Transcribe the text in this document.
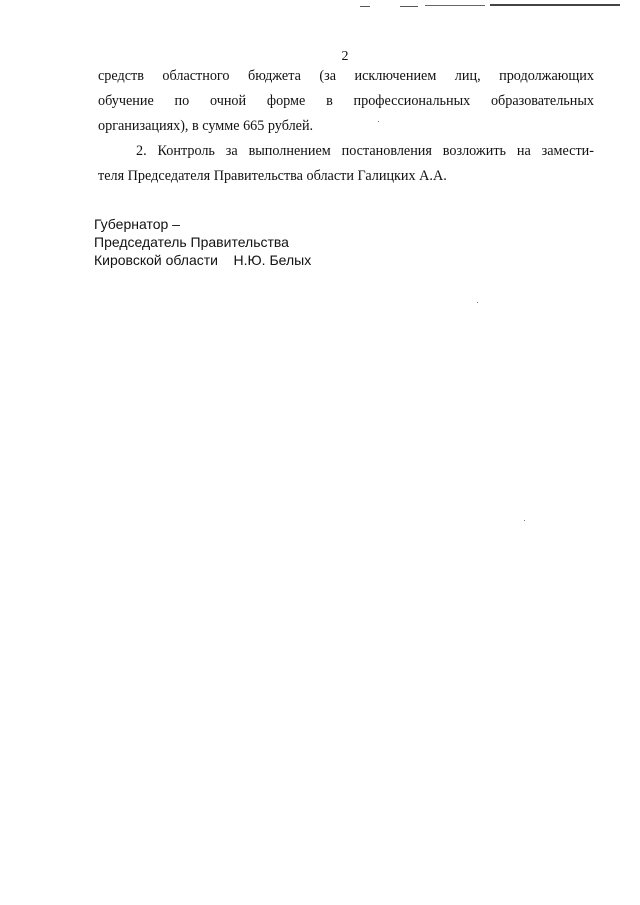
2

средств областного бюджета (за исключением лиц, продолжающих

обучение по очной форме в профессиональных образовательных

организациях), в сумме 665 рублей.

2. Контроль за выполнением постановления возложить на замести-

теля Председателя Правительства области Галицких А.А.

Губернатор –
Председатель Правительства
Кировской области    Н.Ю. Белых
